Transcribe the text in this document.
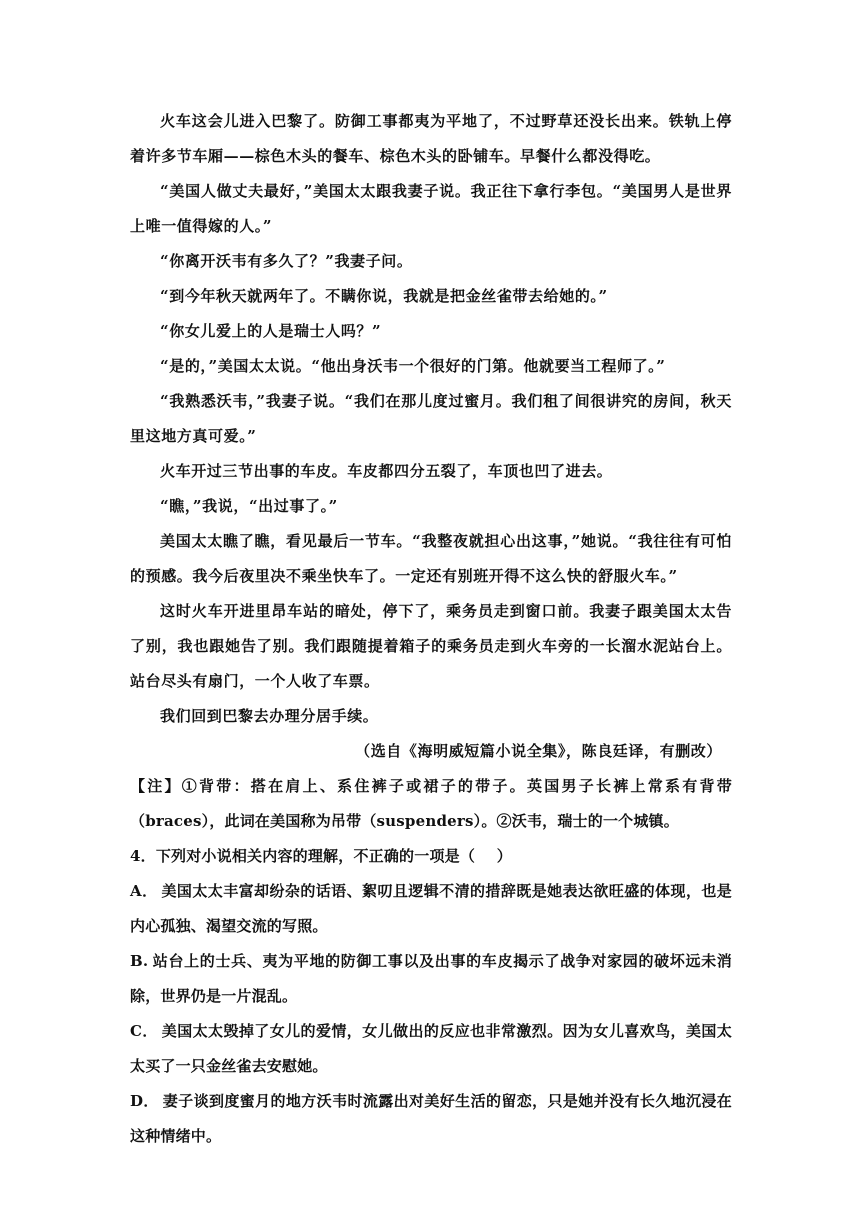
火车这会儿进入巴黎了。防御工事都夷为平地了，不过野草还没长出来。铁轨上停着许多节车厢——棕色木头的餐车、棕色木头的卧铺车。早餐什么都没得吃。

“美国人做丈夫最好，”美国太太跟我妻子说。我正往下拿行李包。“美国男人是世界上唯一值得嫁的人。”

“你离开沃韦有多久了？”我妻子问。

“到今年秋天就两年了。不瞒你说，我就是把金丝雀带去给她的。”

“你女儿爱上的人是瑞士人吗？”

“是的，”美国太太说。“他出身沃韦一个很好的门第。他就要当工程师了。”

“我熟悉沃韦，”我妻子说。“我们在那儿度过蜜月。我们租了间很讲究的房间，秋天里这地方真可爱。”

火车开过三节出事的车皮。车皮都四分五裂了，车顶也凹了进去。

“瞧，”我说，“出过事了。”

美国太太瞧了瞧，看见最后一节车。“我整夜就担心出这事，”她说。“我往往有可怕的预感。我今后夜里决不乘坐快车了。一定还有别班开得不这么快的舒服火车。”

这时火车开进里昂车站的暗处，停下了，乘务员走到窗口前。我妻子跟美国太太告了别，我也跟她告了别。我们跟随提着箱子的乘务员走到火车旁的一长溜水泥站台上。站台尽头有扇门，一个人收了车票。

我们回到巴黎去办理分居手续。

（选自《海明威短篇小说全集》，陈良廷译，有删改）

【注】①背带：搭在肩上、系住裤子或裙子的带子。英国男子长裤上常系有背带（braces），此词在美国称为吊带（suspenders）。②沃韦，瑞士的一个城镇。

4．下列对小说相关内容的理解，不正确的一项是（ ）

A． 美国太太丰富却纷杂的话语、絮叨且逻辑不清的措辞既是她表达欲旺盛的体现，也是内心孤独、渴望交流的写照。

B. 站台上的士兵、夷为平地的防御工事以及出事的车皮揭示了战争对家园的破坏远未消除，世界仍是一片混乱。

C． 美国太太毁掉了女儿的爱情，女儿做出的反应也非常激烈。因为女儿喜欢鸟，美国太太买了一只金丝雀去安慰她。

D． 妻子谈到度蜜月的地方沃韦时流露出对美好生活的留恋，只是她并没有长久地沉浸在这种情绪中。
